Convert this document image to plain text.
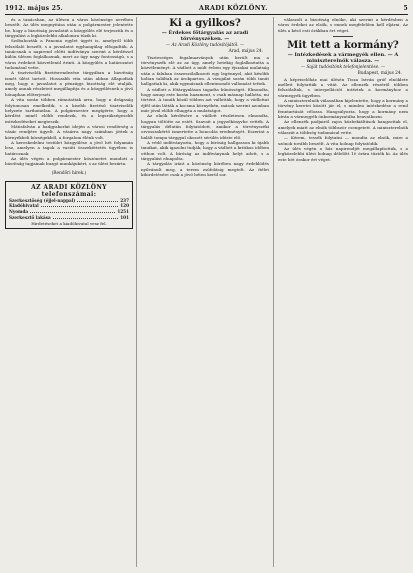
1912. május 25.	ARADI KÖZLÖNY.	5

és a tanácsban, az ülésen a város közönsége nevében beszélt. Az ülés megnyitása után a polgármester jelentette be, hogy a bizottság javaslatát a közgyűlés elé terjesztik és a tárgyalást a legközelebbi alkalomra tűzik ki.

Szóbahozták a Panonia egylet ügyét is, amelyről több felszólaló beszélt, s a javaslatot egyhangúlag elfogadták. A tanácsnak a napirend előtti indítványa szerint a kérdéssel külön ülésen foglalkoznak, mert az ügy nagy fontosságú, s a város érdekeit közvetlenül érinti. A közgyűlés a határozatot tudomásul vette.

A tisztviselők fizetésrendezése tárgyában a bizottság ismét ülést tartott. Hosszabb vita után abban állapodtak meg, hogy a javaslatot a pénzügyi bizottság elé utalják, amely annak részleteit megállapítja és a közgyűlésnek a jövő hónapban előterjeszti.

A vita során többen rámutattak arra, hogy a drágaság folytonosan emelkedik, s a kisebb fizetésű tisztviselők helyzete tarthatatlan. A polgármester megígérte, hogy a kérdést minél előbb rendezik, és a legszükségesebb intézkedéseket megteszik.

Mátisfalván a hadgyakorlat idején a városi rendőrség a vásár rendjére ügyelt. A vásárra nagy számban jöttek a környékbeli községekből, a forgalom élénk volt.

A kereskedelmi testület közgyűlése a jövő hét folyamán lesz, amelyen a tagok a vasúti összeköttetés ügyében is határoznak.

Az ülés végén a polgármester köszönetet mondott a bizottság tagjainak buzgó munkájukért, s az ülést bezárta.

(Rendőri hírek.)

AZ ARADI KÖZLÖNY telefonszámai:
Szerkesztőség (éjjel-nappal)	237
Kiadóhivatal	120
Nyomda	1251
Szerkesztő lakása	101
Hirdetéseket a kiadóhivatal vesz fel.
Ki a gyilkos?
— Érdekes főtárgyalás az aradi törvényszéken. —
— Az Aradi Közlöny tudósítójától. —
Arad, május 24.

Tisztességes fogalmazványok után került ma a törvényszék elé az az ügy, amely hetekig foglalkoztatta a közvéleményt. A vádlott a múlt évben egy éjszakai mulatság után a faluban összeszólalkozott egy legénnyel, akit később holtan találtak az árokparton. A vizsgálat során több tanút hallgattak ki, akik egymásnak ellentmondó vallomást tettek.

A vádlott a főtárgyaláson tagadta bűnösségét. Elmondta, hogy aznap este korán hazament, s csak másnap hallotta, mi történt. A tanúk közül többen azt vallották, hogy a vádlottat éjfél után látták a kocsma környékén, mások szerint azonban már jóval előbb elhagyta a mulatságot.

Az elnök kérdésére a vádlott részletesen elmondta, hogyan töltötte az estét. Szavait a jegyzőkönyvbe vették. A tárgyalás délután folytatódott, amikor a törvényszéki orvosszakértő ismertette a boncolás eredményét. Eszerint a halált tompa tárggyal okozott sérülés idézte elő.

A védő indítványozta, hogy a bíróság hallgasson ki újabb tanúkat, akik igazolni tudják, hogy a vádlott a kritikus időben otthon volt. A bíróság az indítványnak helyt adott, s a tárgyalást elnapolta.

A tárgyalás iránt a közönség körében nagy érdeklődés nyilvánult meg, a terem zsúfolásig megtelt. Az ítélet kihirdetésére csak a jövő héten kerül sor.

válaszolt a bizottság elnöke, aki szerint a kérdésben a város érdekei az elsők, s ennek megfelelően kell eljárni. Az ülés a késő esti órákban ért véget.

Mit tett a kormány?
— Intézkedések a vármegyék ellen. — A miniszterelnök válasza. —
— Saját tudósítónk telefonjelentése. —
Budapest, május 24.

A képviselőház mai ülésén Tisza István gróf elnöklete mellett folytatták a vitát. Az ellenzék részéről többen felszólaltak, s interpellációt intéztek a kormányhoz a vármegyék ügyében.

A miniszterelnök válaszában kijelentette, hogy a kormány a törvény keretei között jár el, s minden intézkedése a rend fenntartását célozza. Hangsúlyozta, hogy a kormány nem kíván a vármegyék önkormányzatába beavatkozni.

Az ellenzék padjairól zajos közbekiáltások hangzottak el, amelyek miatt az elnök többször csengetett. A miniszterelnök válaszát a többség tudomásul vette.

— Kérem, tessék folytatni — mondta az elnök, mire a szónok tovább beszélt. A vita holnap folytatódik.

Az ülés végén a ház napirendjét megállapították, s a legközelebbi ülést holnap délelőtt 10 órára tűzték ki. Az ülés este hét órakor ért véget.
